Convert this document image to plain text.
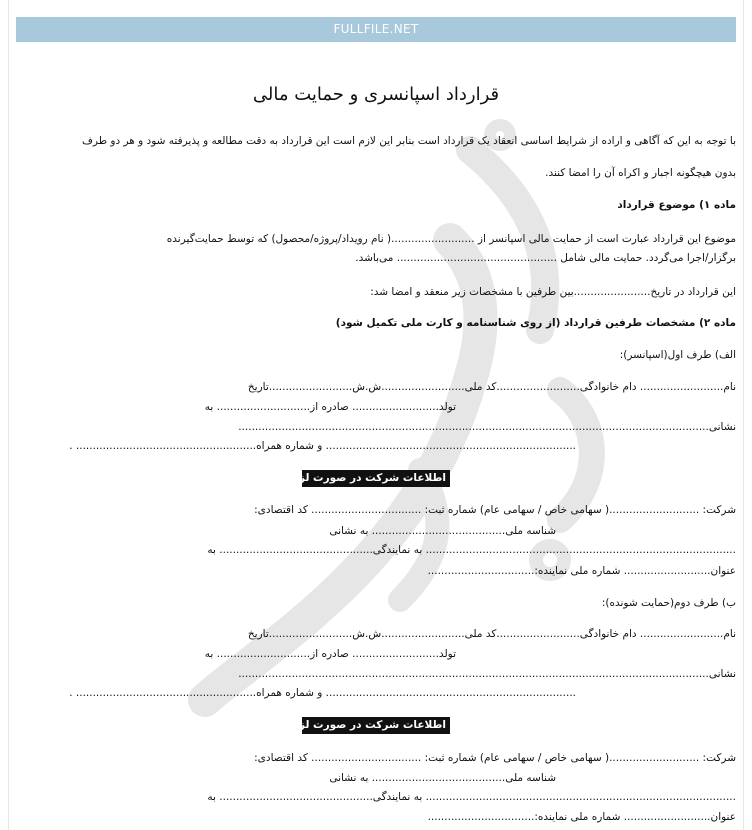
FULLFILE.NET
قرارداد اسپانسری و حمایت مالی
با توجه به این که آگاهی و اراده از شرایط اساسی انعقاد یک قرارداد است بنابر این لازم است این قرارداد به دقت مطالعه و پذیرفته شود و هر دو طرف
بدون هیچگونه اجبار و اکراه آن را امضا کنند.
ماده ۱) موضوع قرارداد
موضوع این قرارداد عبارت است از حمایت مالی اسپانسر از .........................( نام رویداد/پروژه/محصول) که توسط حمایت‌گیرنده
برگزار/اجرا می‌گردد. حمایت مالی شامل ................................................ می‌باشد.
این قرارداد در تاریخ.......................بین طرفین با مشخصات زیر منعقد و امضا شد:
ماده ۲) مشخصات طرفین قرارداد (از روی شناسنامه و کارت ملی تکمیل شود)
الف) طرف اول(اسپانسر):
نام......................... دام خانوادگی.........................کد ملی.........................ش.ش.........................تاریخ
تولد.......................... صادره از............................ به
نشانی.............................................................................................................................................
........................................................................... و شماره همراه...................................................... .
اطلاعات شرکت در صورت لزوم
شرکت: ...........................( سهامی خاص / سهامی عام) شماره ثبت: ................................. کد اقتصادی:
شناسه ملی........................................ به نشانی
............................................................................................. به نمایندگی.............................................. به
عنوان.......................... شماره ملی نماینده:................................
ب) طرف دوم(حمایت شونده):
نام......................... دام خانوادگی.........................کد ملی.........................ش.ش.........................تاریخ
تولد.......................... صادره از............................ به
نشانی.............................................................................................................................................
........................................................................... و شماره همراه...................................................... .
اطلاعات شرکت در صورت لزوم
شرکت: ...........................( سهامی خاص / سهامی عام) شماره ثبت: ................................. کد اقتصادی:
شناسه ملی........................................ به نشانی
............................................................................................. به نمایندگی.............................................. به
عنوان.......................... شماره ملی نماینده:................................
